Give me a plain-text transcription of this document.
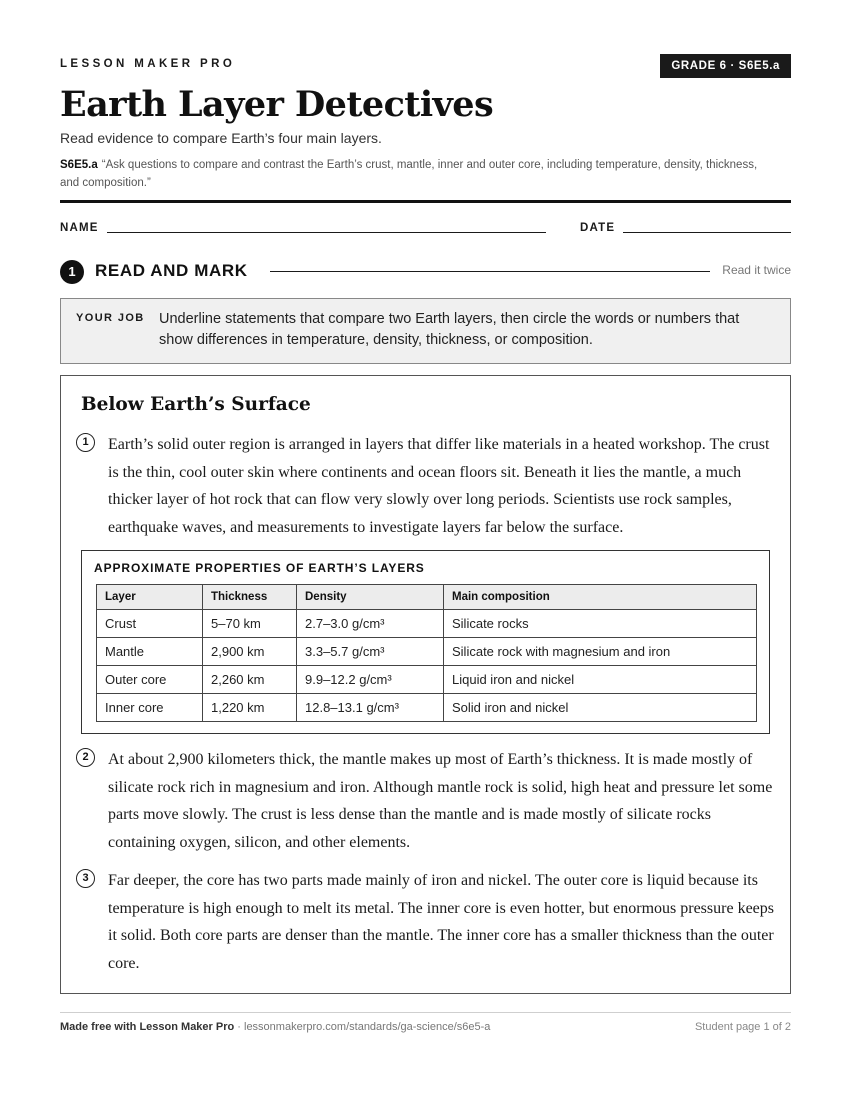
LESSON MAKER PRO	GRADE 6 · S6E5.a
Earth Layer Detectives
Read evidence to compare Earth’s four main layers.
S6E5.a “Ask questions to compare and contrast the Earth’s crust, mantle, inner and outer core, including temperature, density, thickness, and composition.”
NAME	DATE
1	READ AND MARK	Read it twice
YOUR JOB Underline statements that compare two Earth layers, then circle the words or numbers that show differences in temperature, density, thickness, or composition.
Below Earth’s Surface
1	Earth’s solid outer region is arranged in layers that differ like materials in a heated workshop. The crust is the thin, cool outer skin where continents and ocean floors sit. Beneath it lies the mantle, a much thicker layer of hot rock that can flow very slowly over long periods. Scientists use rock samples, earthquake waves, and measurements to investigate layers far below the surface.

APPROXIMATE PROPERTIES OF EARTH’S LAYERS
Layer	Thickness	Density	Main composition
Crust	5–70 km	2.7–3.0 g/cm³	Silicate rocks
Mantle	2,900 km	3.3–5.7 g/cm³	Silicate rock with magnesium and iron
Outer core	2,260 km	9.9–12.2 g/cm³	Liquid iron and nickel
Inner core	1,220 km	12.8–13.1 g/cm³	Solid iron and nickel
2	At about 2,900 kilometers thick, the mantle makes up most of Earth’s thickness. It is made mostly of silicate rock rich in magnesium and iron. Although mantle rock is solid, high heat and pressure let some parts move slowly. The crust is less dense than the mantle and is made mostly of silicate rocks containing oxygen, silicon, and other elements.

3	Far deeper, the core has two parts made mainly of iron and nickel. The outer core is liquid because its temperature is high enough to melt its metal. The inner core is even hotter, but enormous pressure keeps it solid. Both core parts are denser than the mantle. The inner core has a smaller thickness than the outer core.

Made free with Lesson Maker Pro · lessonmakerpro.com/standards/ga-science/s6e5-a	Student page 1 of 2
